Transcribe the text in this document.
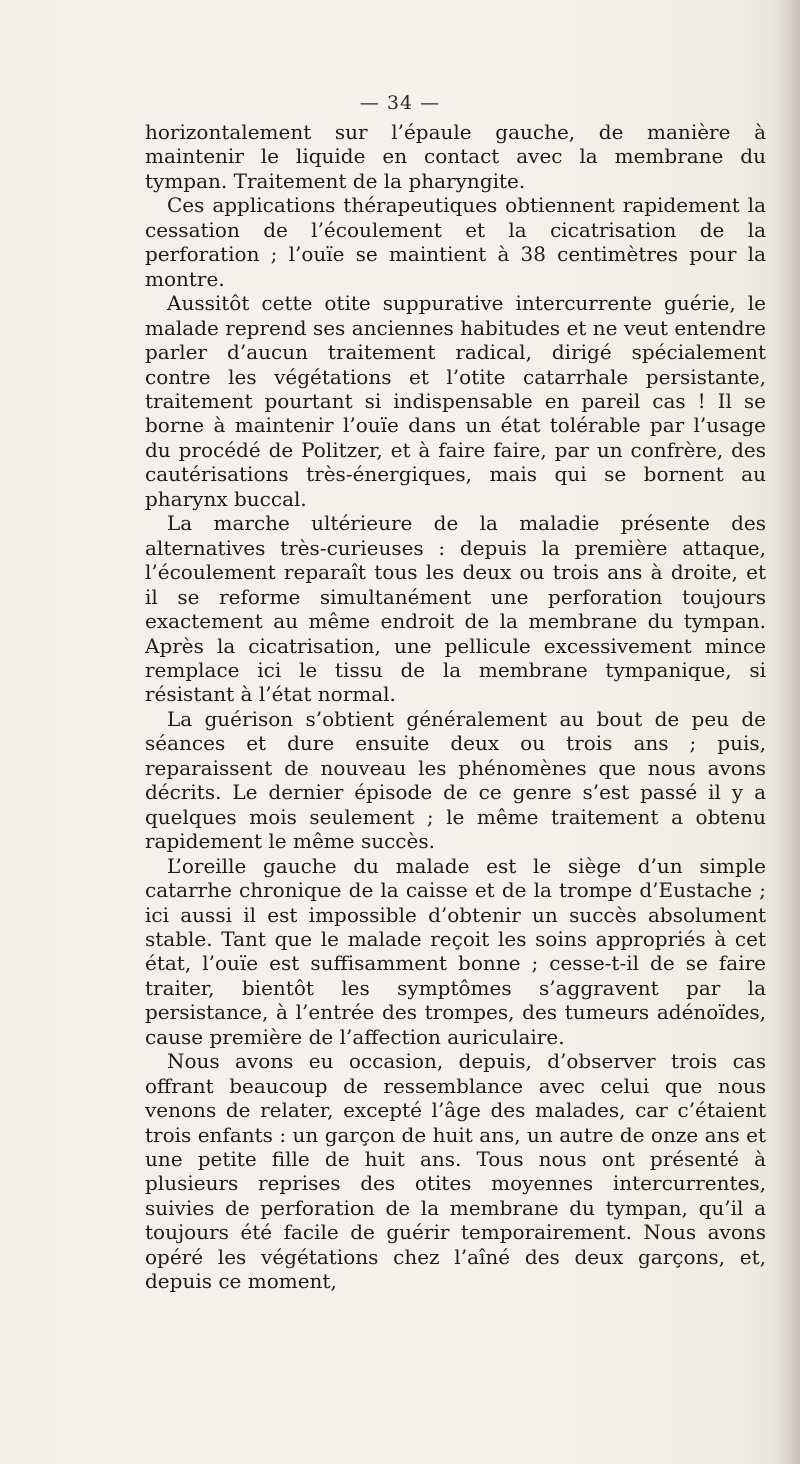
— 34 —

horizontalement sur l’épaule gauche, de manière à maintenir le liquide en contact avec la membrane du tympan. Traitement de la pharyngite.

Ces applications thérapeutiques obtiennent rapidement la cessation de l’écoulement et la cicatrisation de la perforation ; l’ouïe se maintient à 38 centimètres pour la montre.

Aussitôt cette otite suppurative intercurrente guérie, le malade reprend ses anciennes habitudes et ne veut entendre parler d’aucun traitement radical, dirigé spécialement contre les végétations et l’otite catarrhale persistante, traitement pourtant si indispensable en pareil cas ! Il se borne à maintenir l’ouïe dans un état tolérable par l’usage du procédé de Politzer, et à faire faire, par un confrère, des cautérisations très-énergiques, mais qui se bornent au pharynx buccal.

La marche ultérieure de la maladie présente des alternatives très-curieuses : depuis la première attaque, l’écoulement reparaît tous les deux ou trois ans à droite, et il se reforme simultanément une perforation toujours exactement au même endroit de la membrane du tympan. Après la cicatrisation, une pellicule excessivement mince remplace ici le tissu de la membrane tympanique, si résistant à l’état normal.

La guérison s’obtient généralement au bout de peu de séances et dure ensuite deux ou trois ans ; puis, reparaissent de nouveau les phénomènes que nous avons décrits. Le dernier épisode de ce genre s’est passé il y a quelques mois seulement ; le même traitement a obtenu rapidement le même succès.

L’oreille gauche du malade est le siège d’un simple catarrhe chronique de la caisse et de la trompe d’Eustache ; ici aussi il est impossible d’obtenir un succès absolument stable. Tant que le malade reçoit les soins appropriés à cet état, l’ouïe est suffisamment bonne ; cesse-t-il de se faire traiter, bientôt les symptômes s’aggravent par la persistance, à l’entrée des trompes, des tumeurs adénoïdes, cause première de l’affection auriculaire.

Nous avons eu occasion, depuis, d’observer trois cas offrant beaucoup de ressemblance avec celui que nous venons de relater, excepté l’âge des malades, car c’étaient trois enfants : un garçon de huit ans, un autre de onze ans et une petite fille de huit ans. Tous nous ont présenté à plusieurs reprises des otites moyennes intercurrentes, suivies de perforation de la membrane du tympan, qu’il a toujours été facile de guérir temporairement. Nous avons opéré les végétations chez l’aîné des deux garçons, et, depuis ce moment,
